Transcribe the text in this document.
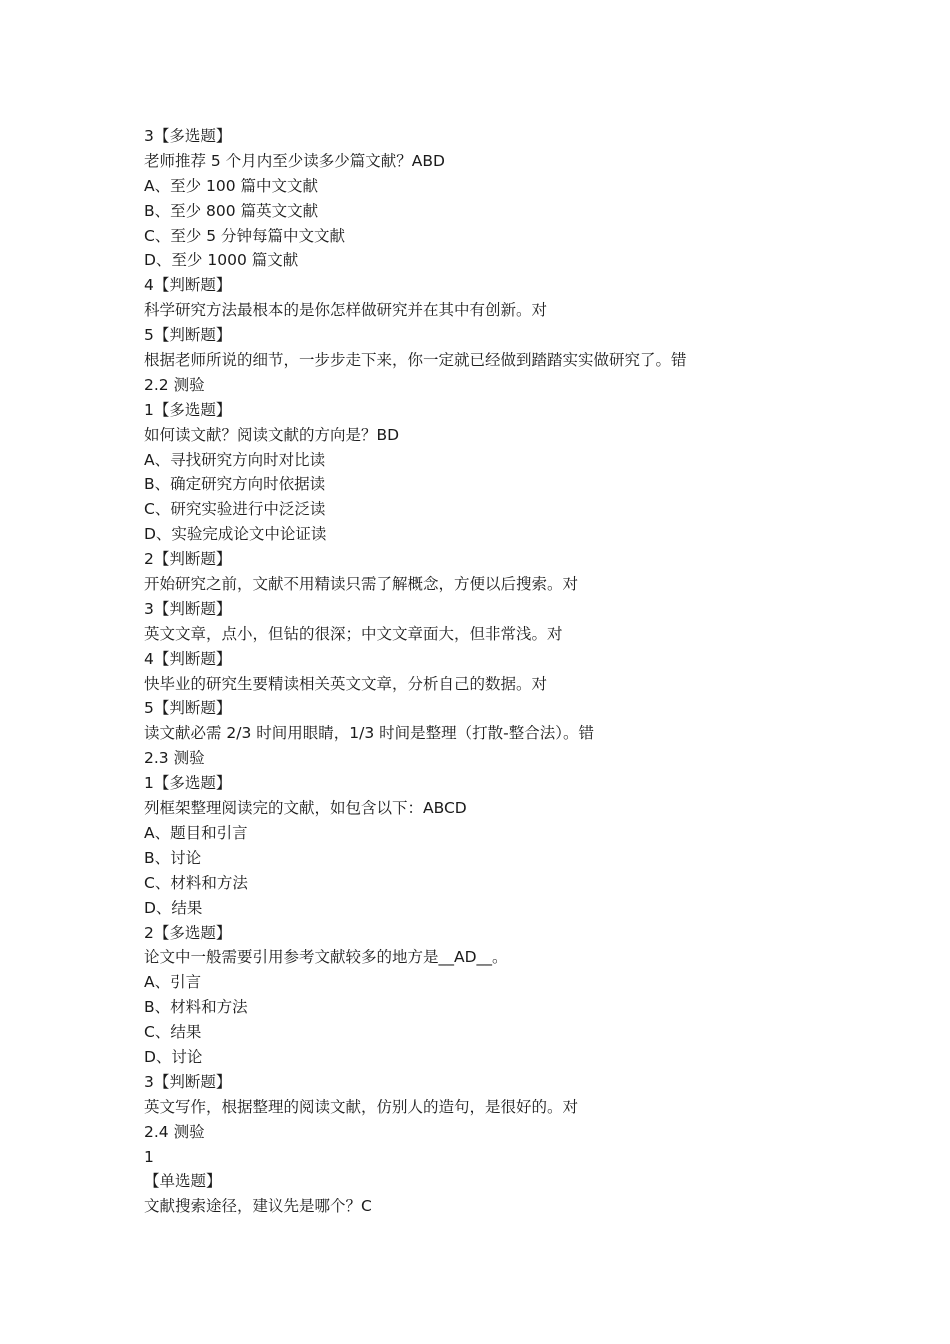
3【多选题】
老师推荐 5 个月内至少读多少篇文献？ABD
A、至少 100 篇中文文献
B、至少 800 篇英文文献
C、至少 5 分钟每篇中文文献
D、至少 1000 篇文献
4【判断题】
科学研究方法最根本的是你怎样做研究并在其中有创新。对
5【判断题】
根据老师所说的细节，一步步走下来，你一定就已经做到踏踏实实做研究了。错
2.2 测验
1【多选题】
如何读文献？阅读文献的方向是？BD
A、寻找研究方向时对比读
B、确定研究方向时依据读
C、研究实验进行中泛泛读
D、实验完成论文中论证读
2【判断题】
开始研究之前，文献不用精读只需了解概念，方便以后搜索。对
3【判断题】
英文文章，点小，但钻的很深；中文文章面大，但非常浅。对
4【判断题】
快毕业的研究生要精读相关英文文章，分析自己的数据。对
5【判断题】
读文献必需 2/3 时间用眼睛，1/3 时间是整理（打散-整合法）。错
2.3 测验
1【多选题】
列框架整理阅读完的文献，如包含以下：ABCD
A、题目和引言
B、讨论
C、材料和方法
D、结果
2【多选题】
论文中一般需要引用参考文献较多的地方是__AD__。
A、引言
B、材料和方法
C、结果
D、讨论
3【判断题】
英文写作，根据整理的阅读文献，仿别人的造句，是很好的。对
2.4 测验
1
【单选题】
文献搜索途径，建议先是哪个？C
